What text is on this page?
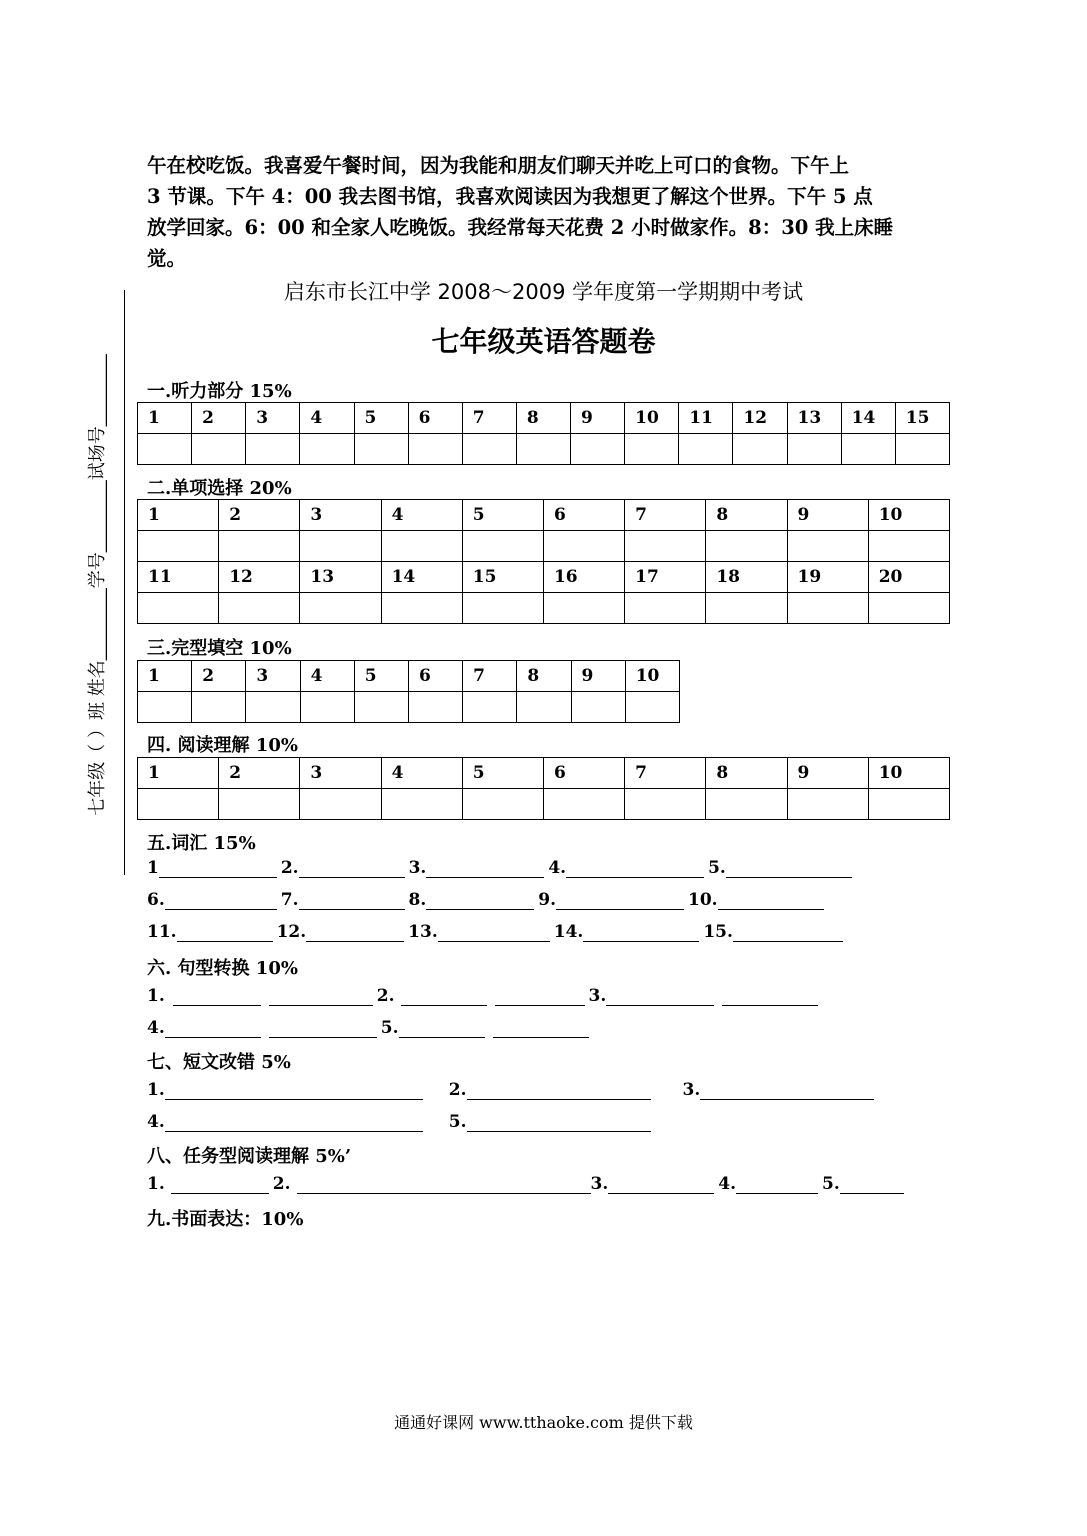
午在校吃饭。我喜爱午餐时间，因为我能和朋友们聊天并吃上可口的食物。下午上
3 节课。下午 4：00 我去图书馆，我喜欢阅读因为我想更了解这个世界。下午 5 点
放学回家。6：00 和全家人吃晚饭。我经常每天花费 2 小时做家作。8：30 我上床睡
觉。
启东市长江中学 2008～2009 学年度第一学期期中考试
七年级英语答题卷
七年级（ ）班 姓名________学号________试场号________ 一.听力部分 15%
1	2	3	4	5	6	7	8	9	10	11	12	13	14	15

二.单项选择 20%
1	2	3	4	5	6	7	8	9	10

11	12	13	14	15	16	17	18	19	20

三.完型填空 10%
1	2	3	4	5	6	7	8	9	10

四. 阅读理解 10%
1	2	3	4	5	6	7	8	9	10

五.词汇 15%
1	2.	3.	4.	5.
6.	7.	8.	9.	10.
11.	12.	13.	14.	15.
六. 句型转换 10%
1.	2.	3.
4.	5.
七、短文改错 5%
1.	2.	3.
4.	5.
八、任务型阅读理解 5%’
1.	2.	3.	4.	5.
九.书面表达：10%
通通好课网 www.tthaoke.com 提供下载
